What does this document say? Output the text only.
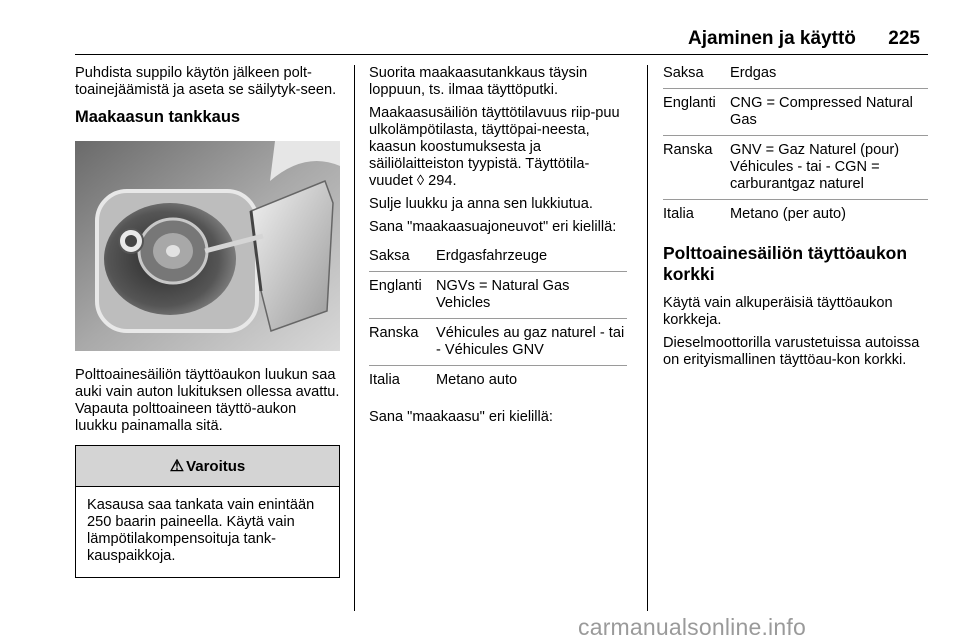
Ajaminen ja käyttö 225

Puhdista suppilo käytön jälkeen polt-toainejäämistä ja aseta se säilytyk-seen.

Maakaasun tankkaus

Polttoainesäiliön täyttöaukon luukun saa auki vain auton lukituksen ollessa avattu. Vapauta polttoaineen täyttö-aukon luukku painamalla sitä.

⚠ Varoitus
Kasausa saa tankata vain enintään 250 baarin paineella. Käytä vain lämpötilakompensoituja tank-kauspaikkoja.

Suorita maakaasutankkaus täysin loppuun, ts. ilmaa täyttöputki.

Maakaasusäiliön täyttötilavuus riip-puu ulkolämpötilasta, täyttöpai-neesta, kaasun koostumuksesta ja säiliölaitteiston tyypistä. Täyttötila-vuudet ◊ 294.

Sulje luukku ja anna sen lukkiutua.

Sana "maakaasuajoneuvot" eri kielillä:

Saksa	Erdgasfahrzeuge
Englanti	NGVs = Natural Gas Vehicles
Ranska	Véhicules au gaz naturel - tai - Véhicules GNV
Italia	Metano auto

Sana "maakaasu" eri kielillä:

Saksa	Erdgas
Englanti	CNG = Compressed Natural Gas
Ranska	GNV = Gaz Naturel (pour) Véhicules - tai - CGN = carburantgaz naturel
Italia	Metano (per auto)
Polttoainesäiliön täyttöaukon korkki

Käytä vain alkuperäisiä täyttöaukon korkkeja.

Dieselmoottorilla varustetuissa autoissa on erityismallinen täyttöau-kon korkki.

carmanualsonline.info
